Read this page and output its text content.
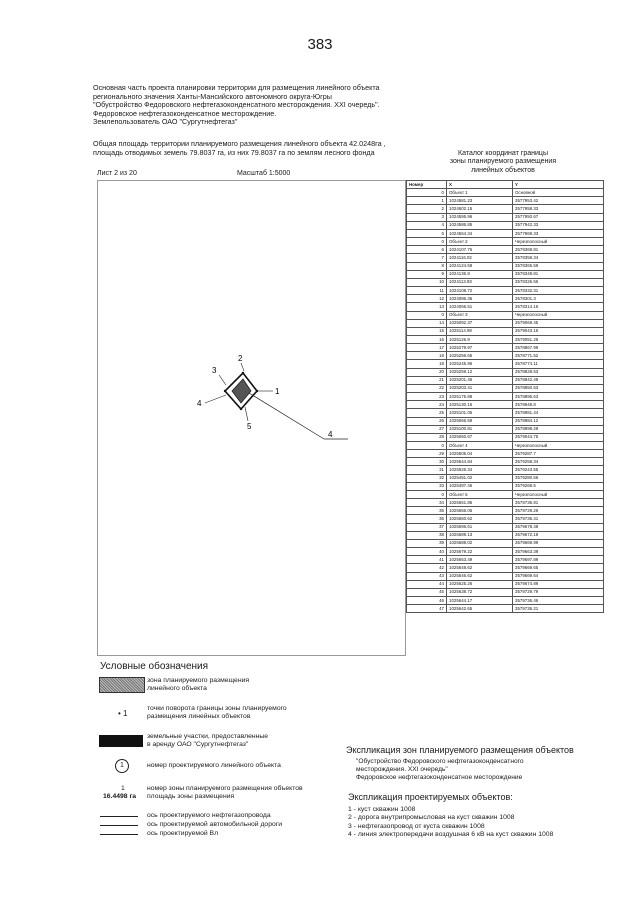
383
Основная часть проекта планировки территории для размещения линейного объекта
регионального значения Ханты-Мансийского автономного округа-Югры
"Обустройство Федоровского нефтегазоконденсатного месторождения. XXI очередь".
Федоровское нефтегазоконденсатное месторождение.
Землепользователь ОАО "Сургутнефтегаз"
Общая площадь территории планируемого размещения линейного объекта 42.0248га ,
площадь отводимых земель 79.8037 га, из них 79.8037 га по землям лесного фонда
Лист 2 из 20	Масштаб 1:5000
Каталог координат границы
зоны планируемого размещения
линейных объектов
1
2
3
4
5
4
Номер	X	Y
0	Объект 1	Основной
1	1024581.23	3577953.42
2	1024602.15	3577958.33
3	1024595.96	3577950.67
4	1024586.85	3577942.33
5	1024564.34	3577969.33
0	Объект 2	Черезполосный
6	1024107.76	3578368.81
7	1024116.02	3578358.34
8	1024124.58	3578365.59
9	1024136.8	3578348.81
10	1024113.93	3578326.56
11	1024108.72	3578332.31
12	1024086.36	3578301.3
13	1024066.51	3578314.16
0	Объект 3	Черезполосный
14	1025092.37	3579069.45
15	1025114.98	3579043.16
16	1025126.9	3579051.26
17	1025279.97	3578867.99
18	1025256.65	3578771.52
19	1025245.96	3578774.11
20	1025259.12	3578828.53
21	1025201.46	3578842.48
22	1025203.41	3578850.53
23	1025175.88	3578895.63
24	1025130.16	3578948.8
25	1025101.06	3578981.44
26	1025066.59	3578984.12
27	1025100.81	3578998.29
28	1025060.67	3579044.75
0	Объект 4	Черезполосный
29	1025505.04	3579287.7
30	1025544.84	3579258.34
31	1025525.34	3579243.55
32	1025491.02	3579280.56
33	1025497.46	3579268.5
0	Объект 5	Черезполосный
34	1025651.85	3579736.81
35	1025656.06	3579729.26
36	1025660.62	3579735.41
37	1025696.61	3579678.48
38	1025689.13	3579672.18
39	1025688.02	3579669.99
40	1025679.22	3579663.39
41	1025653.49	3579697.89
42	1025648.62	3579669.65
43	1025646.62	3579669.64
44	1025625.26	3579674.89
45	1025638.72	3579729.79
46	1025644.17	3579736.46
47	1025642.65	3579736.21
Условные обозначения
зона планируемого размещения
линейного объекта
• 1
точки поворота границы зоны планируемого
размещения линейных объектов
земельные участки, предоставленные
в аренду ОАО "Сургутнефтегаз"
1	номер проектируемого линейного объекта
1
16.4498 га
номер зоны планируемого размещения объектов
площадь зоны размещения
ось проектируемого нефтегазопровода
ось проектируемой автомобильной дороги
ось проектируемой Вл
Экспликация зон планируемого размещения объектов
"Обустройство Федоровского нефтегазоконденсатного
месторождения. XXI очередь"
Федоровское нефтегазоконденсатное месторождение
Экспликация проектируемых объектов:
1 - куст скважин 1008
2 - дорога внутрипромысловая на куст скважин 1008
3 - нефтегазопровод от куста скважин 1008
4 - линия электропередачи воздушная 6 кВ на куст скважин 1008
